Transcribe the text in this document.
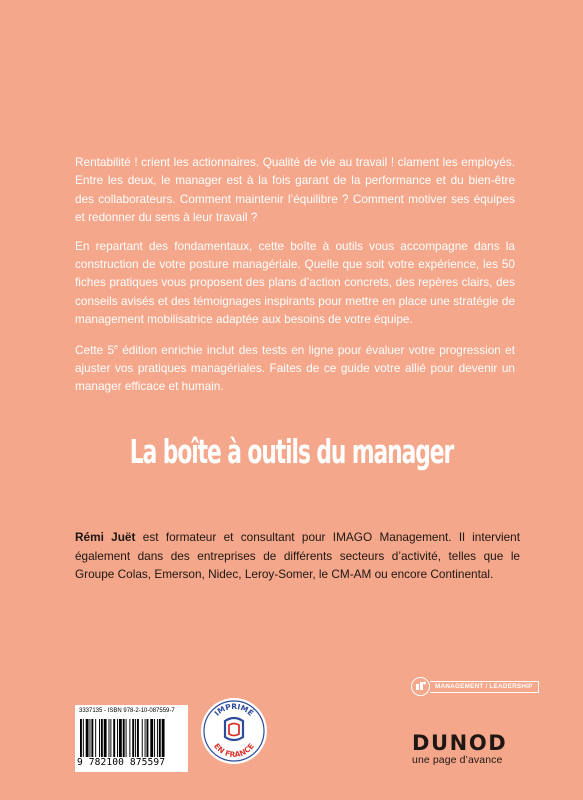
Rentabilité ! crient les actionnaires. Qualité de vie au travail ! clament les employés. Entre les deux, le manager est à la fois garant de la performance et du bien-être des collaborateurs. Comment maintenir l’équilibre ? Comment motiver ses équipes et redonner du sens à leur travail ?

En repartant des fondamentaux, cette boîte à outils vous accompagne dans la construction de votre posture managériale. Quelle que soit votre expérience, les 50 fiches pratiques vous proposent des plans d’action concrets, des repères clairs, des conseils avisés et des témoignages inspirants pour mettre en place une stratégie de management mobilisatrice adaptée aux besoins de votre équipe.

Cette 5e édition enrichie inclut des tests en ligne pour évaluer votre progression et ajuster vos pratiques managériales. Faites de ce guide votre allié pour devenir un manager efficace et humain.

La boîte à outils du manager
Rémi Juët est formateur et consultant pour IMAGO Management. Il intervient également dans des entreprises de différents secteurs d’activité, telles que le Groupe Colas, Emerson, Nidec, Leroy-Somer, le CM-AM ou encore Continental.
MANAGEMENT / LEADERSHIP
3337135 - ISBN 978-2-10-087559-7
9 782100 875597
IMPRIMÉ
EN FRANCE	DUNOD
une page d’avance
